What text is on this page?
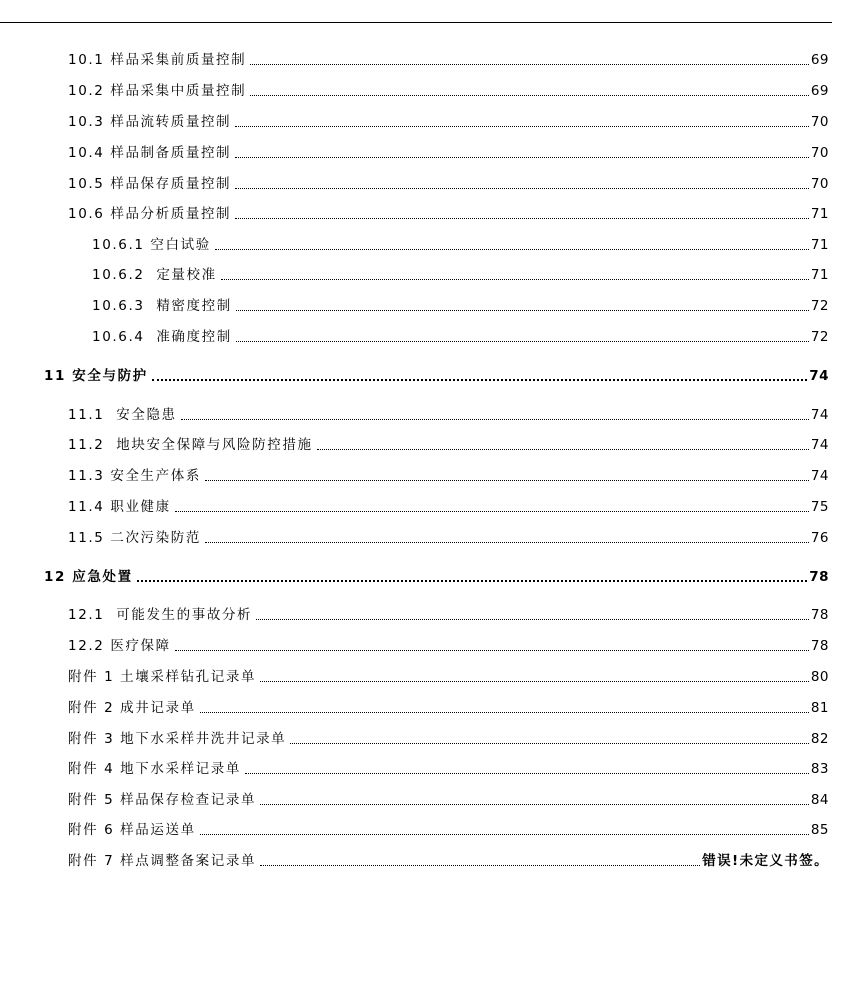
10.1 样品采集前质量控制	69
10.2 样品采集中质量控制	69
10.3 样品流转质量控制	70
10.4 样品制备质量控制	70
10.5 样品保存质量控制	70
10.6 样品分析质量控制	71
10.6.1 空白试验	71
10.6.2  定量校准	71
10.6.3  精密度控制	72
10.6.4  准确度控制	72
11 安全与防护	74
11.1  安全隐患	74
11.2  地块安全保障与风险防控措施	74
11.3 安全生产体系	74
11.4 职业健康	75
11.5 二次污染防范	76
12 应急处置	78
12.1  可能发生的事故分析	78
12.2 医疗保障	78
附件 1 土壤采样钻孔记录单	80
附件 2 成井记录单	81
附件 3 地下水采样井洗井记录单	82
附件 4 地下水采样记录单	83
附件 5 样品保存检查记录单	84
附件 6 样品运送单	85
附件 7 样点调整备案记录单	错误!未定义书签。
